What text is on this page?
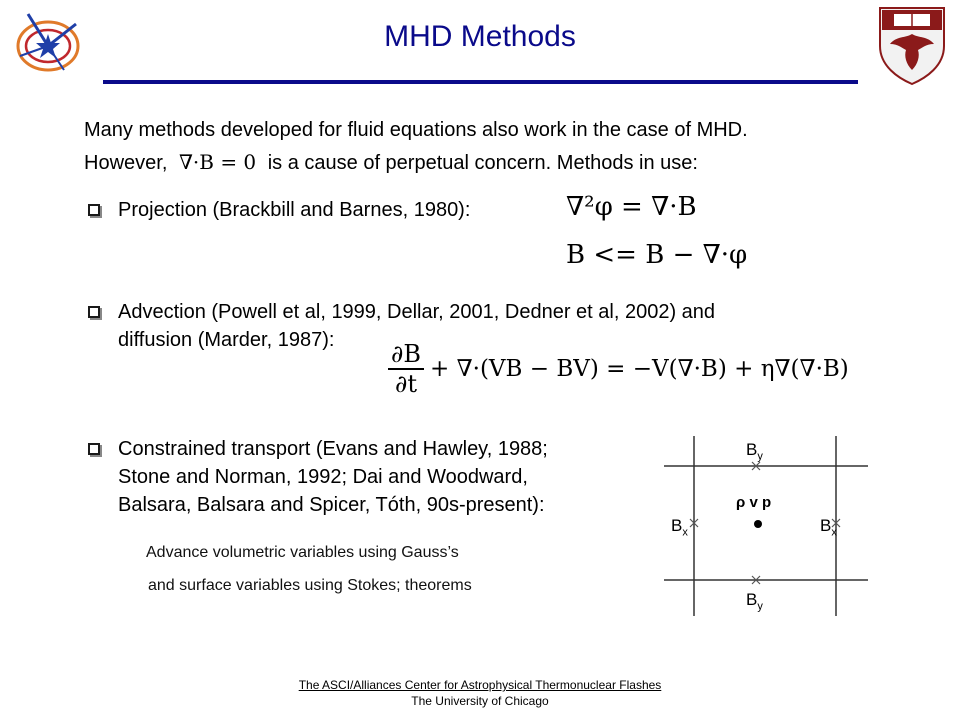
MHD Methods
Many methods developed for fluid equations also work in the case of MHD.
However, ∇·B = 0 is a cause of perpetual concern. Methods in use:
Projection (Brackbill and Barnes, 1980):	∇²φ = ∇·B
B <= B − ∇·φ
Advection (Powell et al, 1999, Dellar, 2001, Dedner et al, 2002) and
diffusion (Marder, 1987): ∂B
∂t
+ ∇·(VB − BV) = −V(∇·B) + η∇(∇·B)
Constrained transport (Evans and Hawley, 1988;
Stone and Norman, 1992; Dai and Woodward,
Balsara, Balsara and Spicer, Tóth, 90s-present):
Advance volumetric variables using Gauss’s
and surface variables using Stokes; theorems
$B_y$
$B_y$
$B_x$	$B_x$
ρ v p
The ASCI/Alliances Center for Astrophysical Thermonuclear Flashes
The University of Chicago
